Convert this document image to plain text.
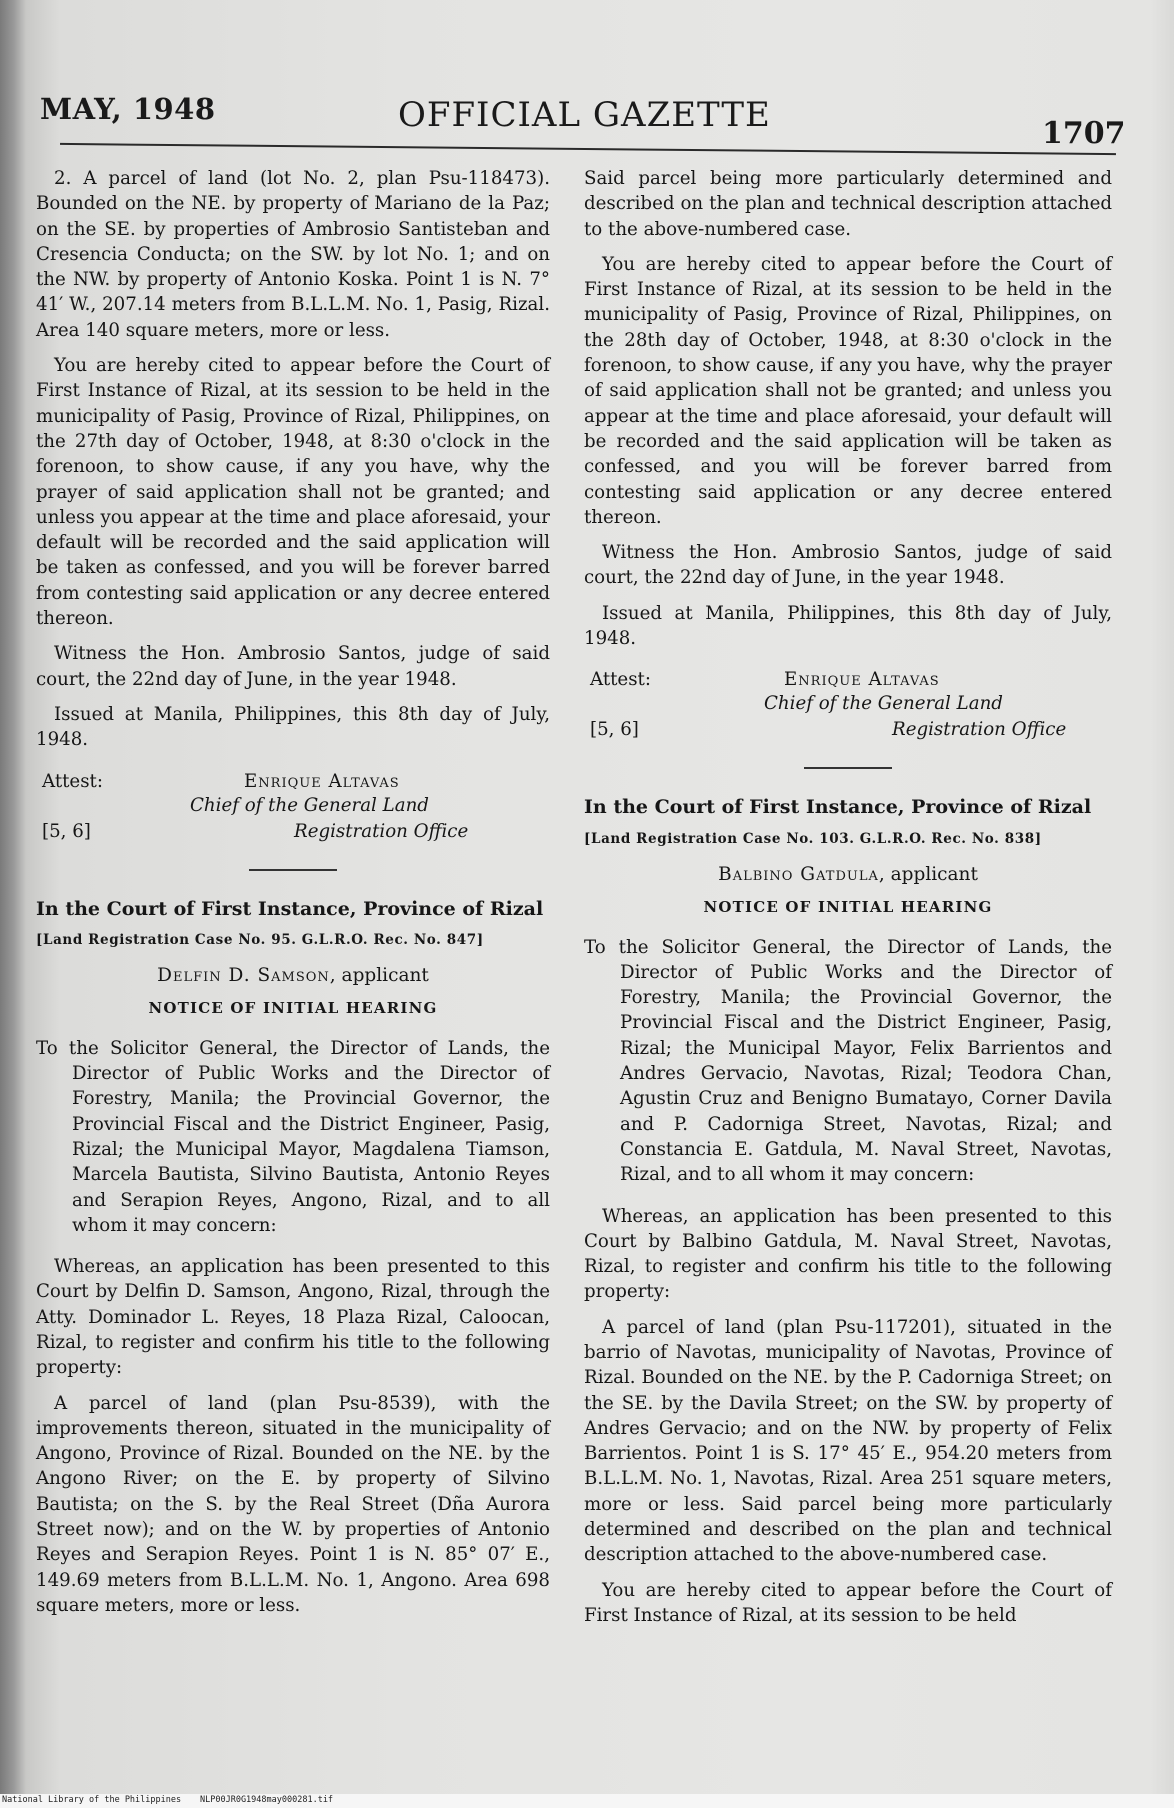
MAY, 1948	OFFICIAL GAZETTE	1707

2. A parcel of land (lot No. 2, plan Psu-118473). Bounded on the NE. by property of Mariano de la Paz; on the SE. by properties of Ambrosio Santisteban and Cresencia Conducta; on the SW. by lot No. 1; and on the NW. by property of Antonio Koska. Point 1 is N. 7° 41′ W., 207.14 meters from B.L.L.M. No. 1, Pasig, Rizal. Area 140 square meters, more or less.

You are hereby cited to appear before the Court of First Instance of Rizal, at its session to be held in the municipality of Pasig, Province of Rizal, Philippines, on the 27th day of October, 1948, at 8:30 o'clock in the forenoon, to show cause, if any you have, why the prayer of said application shall not be granted; and unless you appear at the time and place aforesaid, your default will be recorded and the said application will be taken as confessed, and you will be forever barred from contesting said application or any decree entered thereon.

Witness the Hon. Ambrosio Santos, judge of said court, the 22nd day of June, in the year 1948.

Issued at Manila, Philippines, this 8th day of July, 1948.

Attest:	Enrique Altavas
Chief of the General Land
[5, 6]	Registration Office
In the Court of First Instance, Province of Rizal
[Land Registration Case No. 95. G.L.R.O. Rec. No. 847]
Delfin D. Samson, applicant
NOTICE OF INITIAL HEARING
To the Solicitor General, the Director of Lands, the Director of Public Works and the Director of Forestry, Manila; the Provincial Governor, the Provincial Fiscal and the District Engineer, Pasig, Rizal; the Municipal Mayor, Magdalena Tiamson, Marcela Bautista, Silvino Bautista, Antonio Reyes and Serapion Reyes, Angono, Rizal, and to all whom it may concern:

Whereas, an application has been presented to this Court by Delfin D. Samson, Angono, Rizal, through the Atty. Dominador L. Reyes, 18 Plaza Rizal, Caloocan, Rizal, to register and confirm his title to the following property:

A parcel of land (plan Psu-8539), with the improvements thereon, situated in the municipality of Angono, Province of Rizal. Bounded on the NE. by the Angono River; on the E. by property of Silvino Bautista; on the S. by the Real Street (Dña Aurora Street now); and on the W. by properties of Antonio Reyes and Serapion Reyes. Point 1 is N. 85° 07′ E., 149.69 meters from B.L.L.M. No. 1, Angono. Area 698 square meters, more or less.

Said parcel being more particularly determined and described on the plan and technical description attached to the above-numbered case.

You are hereby cited to appear before the Court of First Instance of Rizal, at its session to be held in the municipality of Pasig, Province of Rizal, Philippines, on the 28th day of October, 1948, at 8:30 o'clock in the forenoon, to show cause, if any you have, why the prayer of said application shall not be granted; and unless you appear at the time and place aforesaid, your default will be recorded and the said application will be taken as confessed, and you will be forever barred from contesting said application or any decree entered thereon.

Witness the Hon. Ambrosio Santos, judge of said court, the 22nd day of June, in the year 1948.

Issued at Manila, Philippines, this 8th day of July, 1948.

Attest:	Enrique Altavas
Chief of the General Land
[5, 6]	Registration Office
In the Court of First Instance, Province of Rizal
[Land Registration Case No. 103. G.L.R.O. Rec. No. 838]
Balbino Gatdula, applicant
NOTICE OF INITIAL HEARING
To the Solicitor General, the Director of Lands, the Director of Public Works and the Director of Forestry, Manila; the Provincial Governor, the Provincial Fiscal and the District Engineer, Pasig, Rizal; the Municipal Mayor, Felix Barrientos and Andres Gervacio, Navotas, Rizal; Teodora Chan, Agustin Cruz and Benigno Bumatayo, Corner Davila and P. Cadorniga Street, Navotas, Rizal; and Constancia E. Gatdula, M. Naval Street, Navotas, Rizal, and to all whom it may concern:

Whereas, an application has been presented to this Court by Balbino Gatdula, M. Naval Street, Navotas, Rizal, to register and confirm his title to the following property:

A parcel of land (plan Psu-117201), situated in the barrio of Navotas, municipality of Navotas, Province of Rizal. Bounded on the NE. by the P. Cadorniga Street; on the SE. by the Davila Street; on the SW. by property of Andres Gervacio; and on the NW. by property of Felix Barrientos. Point 1 is S. 17° 45′ E., 954.20 meters from B.L.L.M. No. 1, Navotas, Rizal. Area 251 square meters, more or less. Said parcel being more particularly determined and described on the plan and technical description attached to the above-numbered case.

You are hereby cited to appear before the Court of First Instance of Rizal, at its session to be held

National Library of the Philippines NLP00JR0G1948may000281.tif
